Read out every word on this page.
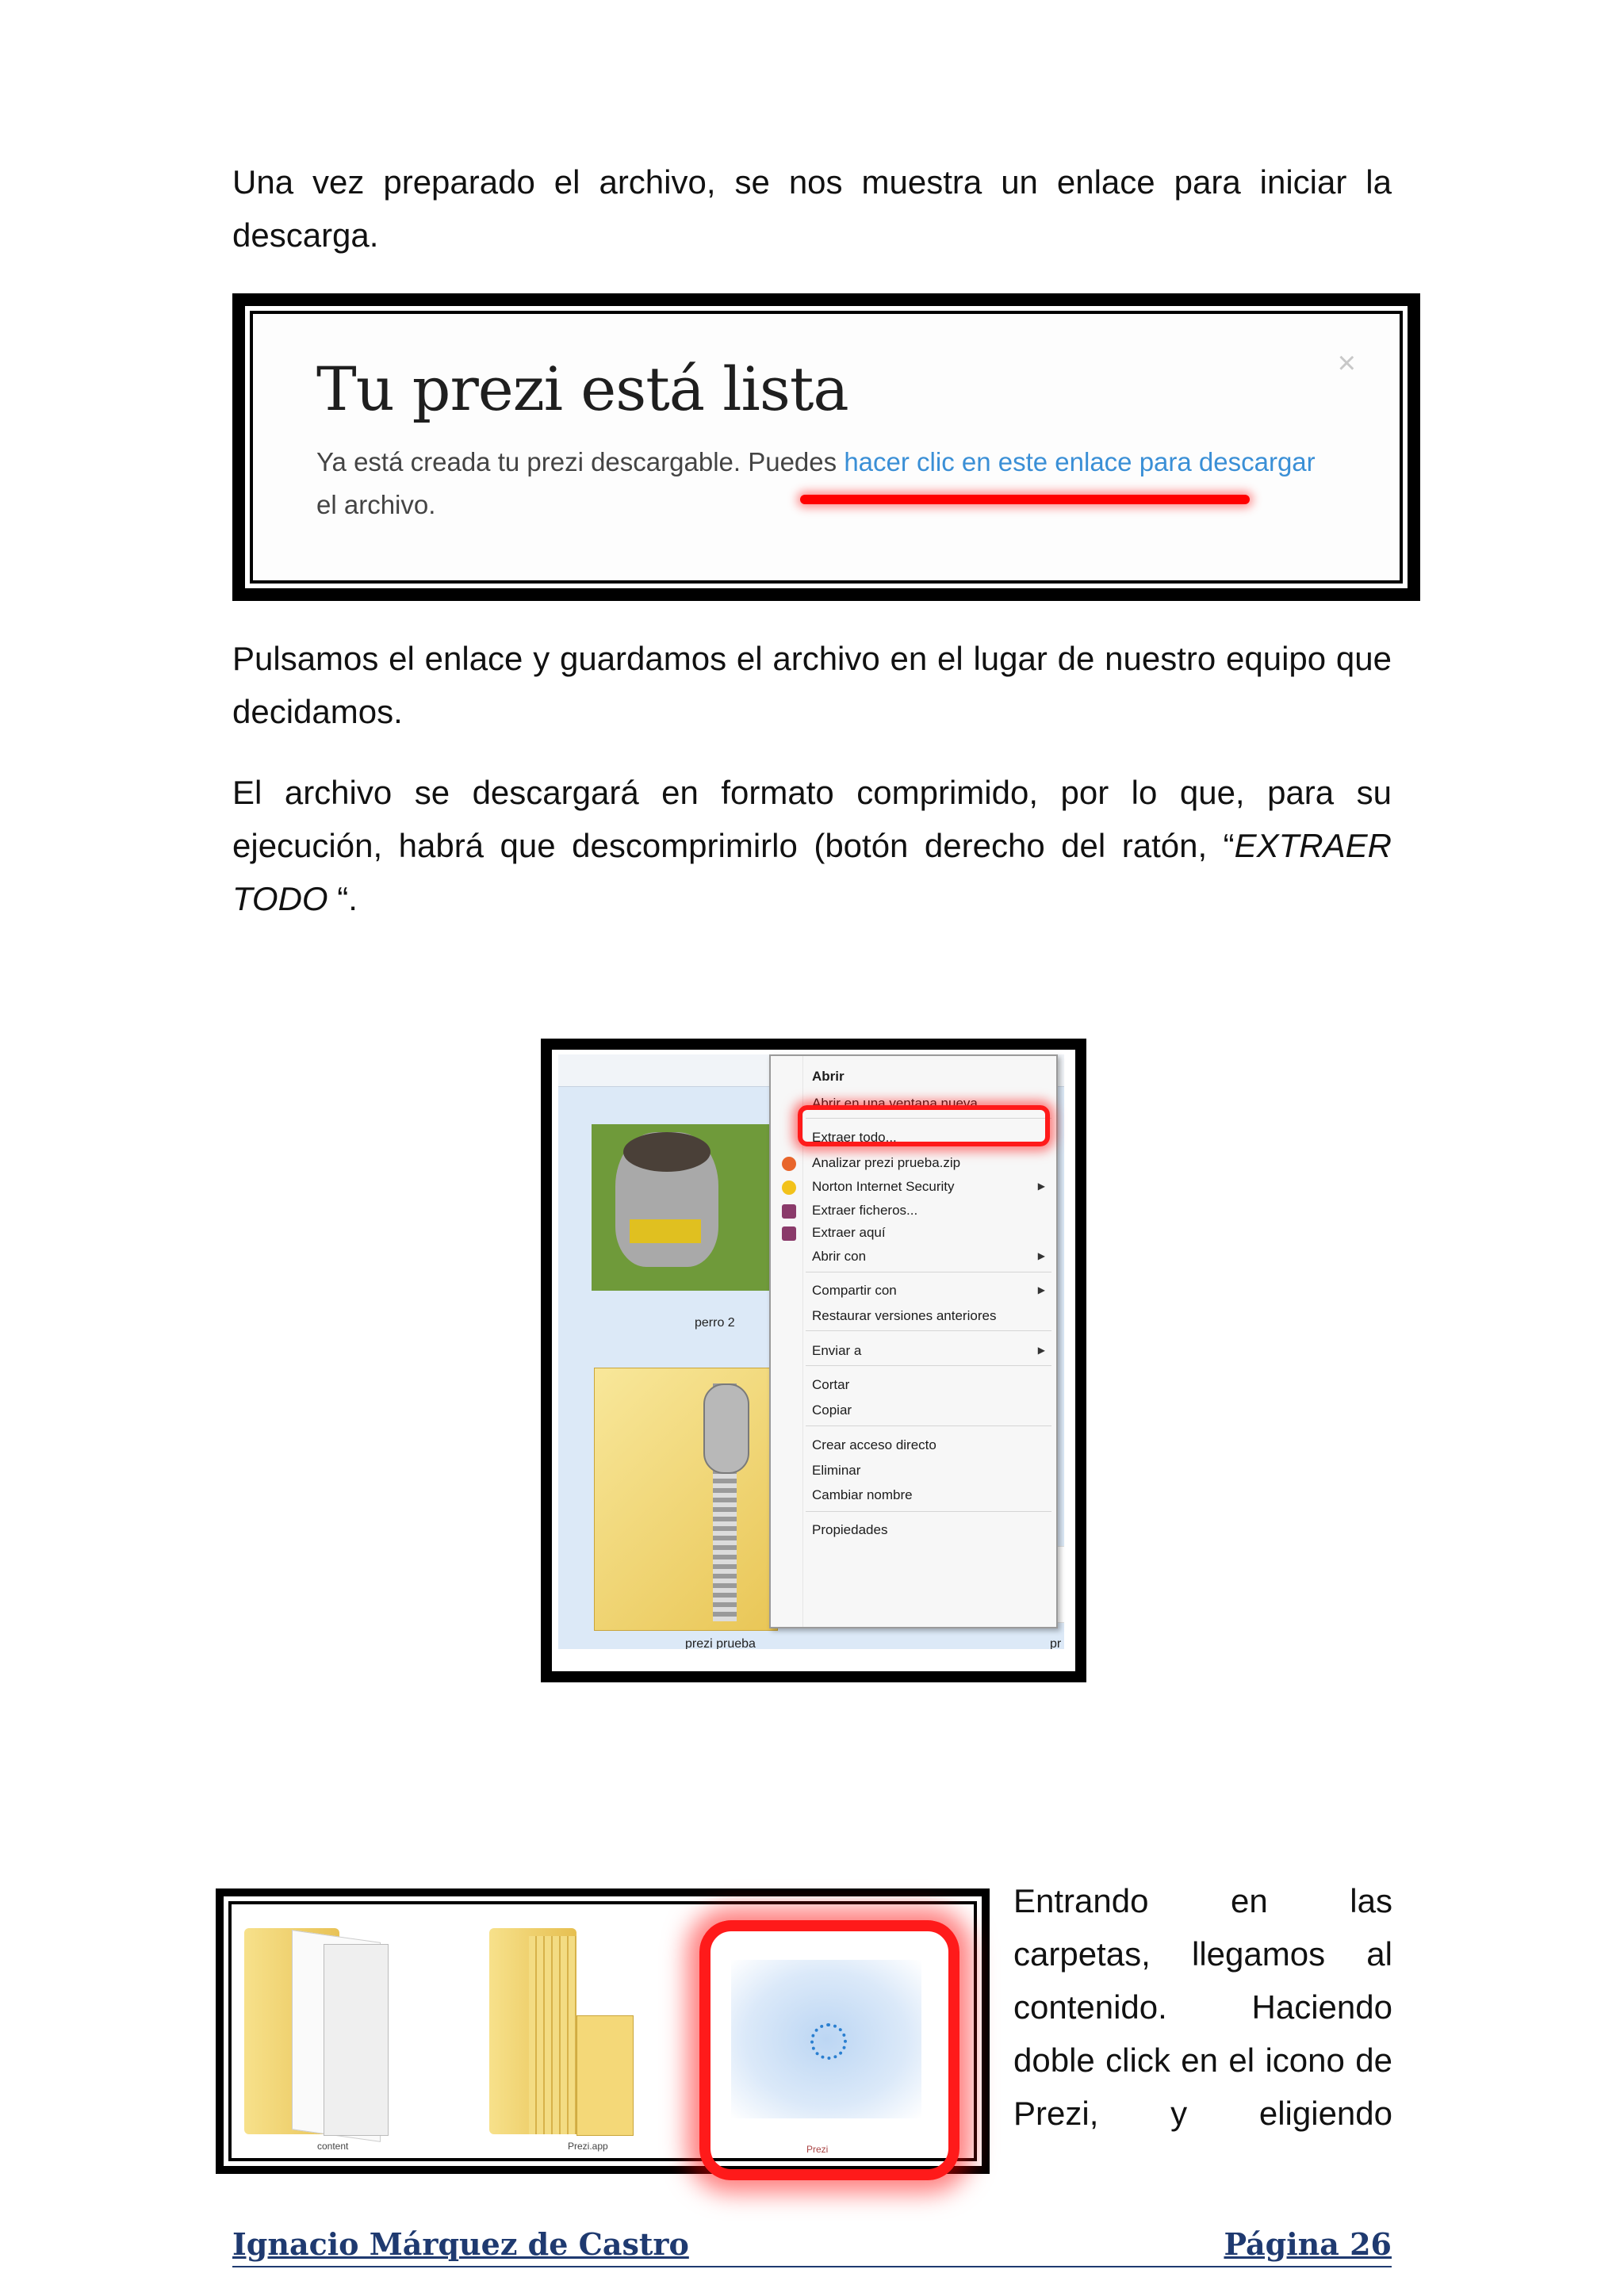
Una vez preparado el archivo, se nos muestra un enlace para iniciar la descarga.

Tu prezi está lista	×
Ya está creada tu prezi descargable. Puedes hacer clic en este enlace para descargar el archivo.

Pulsamos el enlace y guardamos el archivo en el lugar de nuestro equipo que decidamos.

El archivo se descargará en formato comprimido, por lo que, para su ejecución, habrá que descomprimirlo (botón derecho del ratón, “EXTRAER TODO “.

perro 2
prezi prueba	pr
Abrir
Abrir en una ventana nueva
Extraer todo...
Analizar prezi prueba.zip
Norton Internet Security	▶
Extraer ficheros...
Extraer aquí
Abrir con	▶
Compartir con	▶
Restaurar versiones anteriores
Enviar a	▶
Cortar
Copiar
Crear acceso directo
Eliminar
Cambiar nombre
Propiedades
content	Prezi.app	Prezi

Entrando en las carpetas, llegamos al contenido. Haciendo doble click en el icono de Prezi, y eligiendo

Ignacio Márquez de Castro	Página 26
